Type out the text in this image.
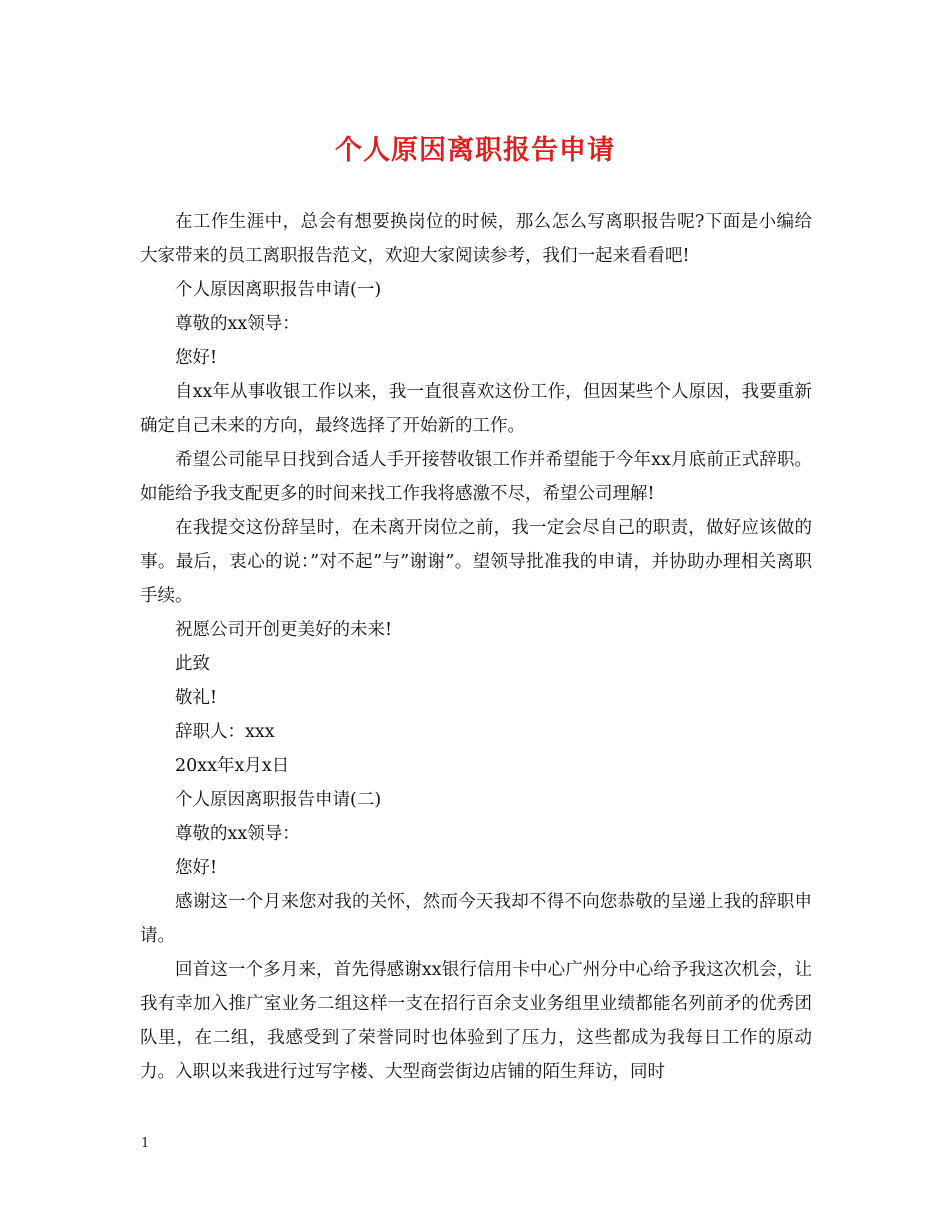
个人原因离职报告申请

在工作生涯中，总会有想要换岗位的时候，那么怎么写离职报告呢?下面是小编给大家带来的员工离职报告范文，欢迎大家阅读参考，我们一起来看看吧!

个人原因离职报告申请(一)

尊敬的xx领导：

您好!

自xx年从事收银工作以来，我一直很喜欢这份工作，但因某些个人原因，我要重新确定自己未来的方向，最终选择了开始新的工作。

希望公司能早日找到合适人手开接替收银工作并希望能于今年xx月底前正式辞职。如能给予我支配更多的时间来找工作我将感激不尽，希望公司理解!

在我提交这份辞呈时，在未离开岗位之前，我一定会尽自己的职责，做好应该做的事。最后，衷心的说：”对不起”与”谢谢”。望领导批准我的申请，并协助办理相关离职手续。

祝愿公司开创更美好的未来!

此致

敬礼!

辞职人：xxx

20xx年x月x日

个人原因离职报告申请(二)

尊敬的xx领导：

您好!

感谢这一个月来您对我的关怀，然而今天我却不得不向您恭敬的呈递上我的辞职申请。

回首这一个多月来，首先得感谢xx银行信用卡中心广州分中心给予我这次机会，让我有幸加入推广室业务二组这样一支在招行百余支业务组里业绩都能名列前矛的优秀团队里，在二组，我感受到了荣誉同时也体验到了压力，这些都成为我每日工作的原动力。入职以来我进行过写字楼、大型商尝街边店铺的陌生拜访，同时

1
